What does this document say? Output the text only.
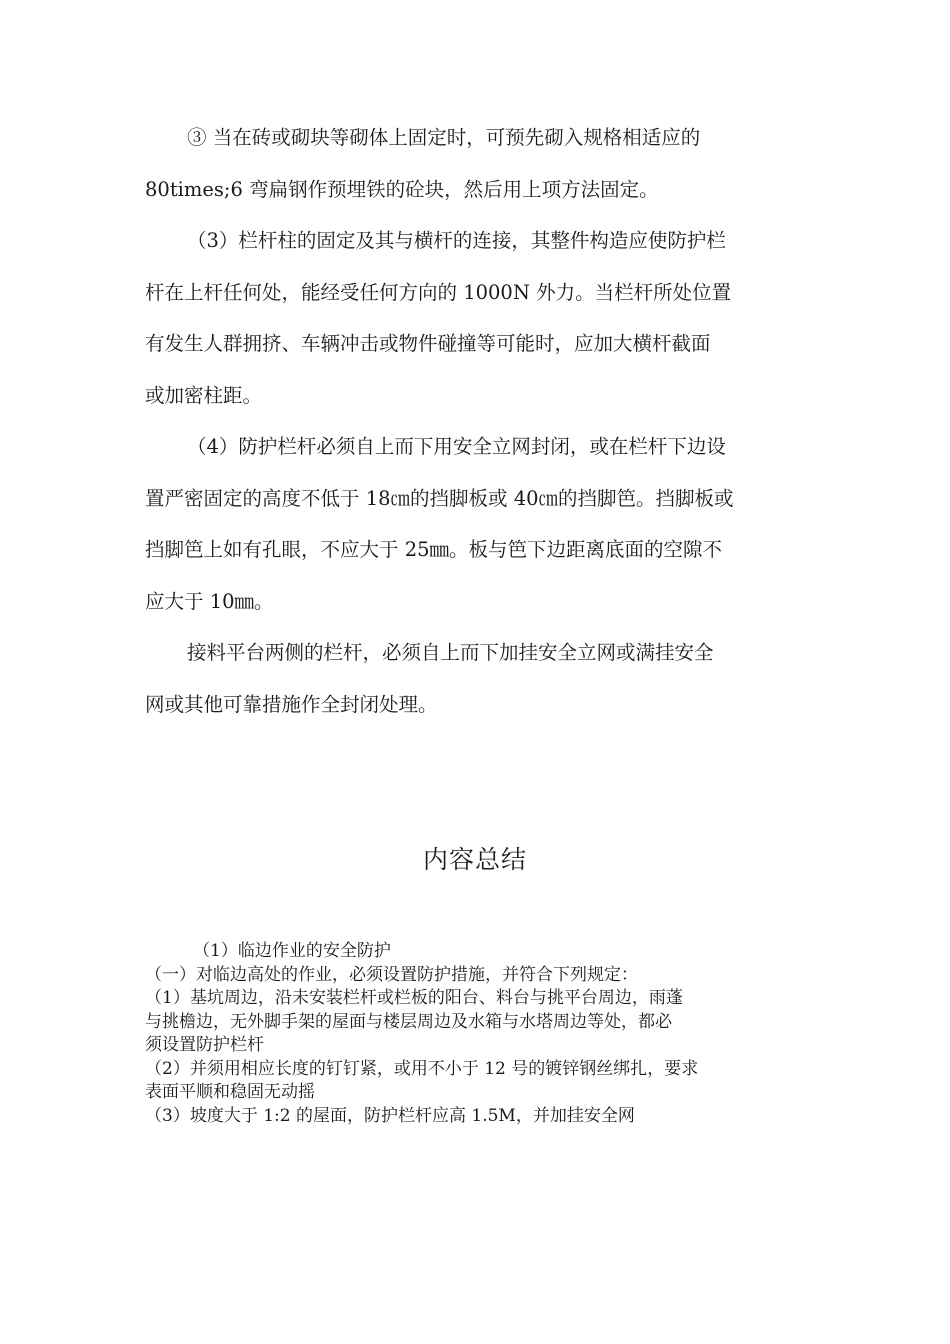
③ 当在砖或砌块等砌体上固定时，可预先砌入规格相适应的
80times;6 弯扁钢作预埋铁的砼块，然后用上项方法固定。
（3）栏杆柱的固定及其与横杆的连接，其整件构造应使防护栏
杆在上杆任何处，能经受任何方向的 1000N 外力。当栏杆所处位置
有发生人群拥挤、车辆冲击或物件碰撞等可能时，应加大横杆截面
或加密柱距。
（4）防护栏杆必须自上而下用安全立网封闭，或在栏杆下边设
置严密固定的高度不低于 18㎝的挡脚板或 40㎝的挡脚笆。挡脚板或
挡脚笆上如有孔眼，不应大于 25㎜。板与笆下边距离底面的空隙不
应大于 10㎜。
接料平台两侧的栏杆，必须自上而下加挂安全立网或满挂安全
网或其他可靠措施作全封闭处理。
内容总结
（1）临边作业的安全防护
（一）对临边高处的作业，必须设置防护措施，并符合下列规定：
（1）基坑周边，沿未安装栏杆或栏板的阳台、料台与挑平台周边，雨蓬
与挑檐边，无外脚手架的屋面与楼层周边及水箱与水塔周边等处，都必
须设置防护栏杆
（2）并须用相应长度的钉钉紧，或用不小于 12 号的镀锌钢丝绑扎，要求
表面平顺和稳固无动摇
（3）坡度大于 1:2 的屋面，防护栏杆应高 1.5M，并加挂安全网
